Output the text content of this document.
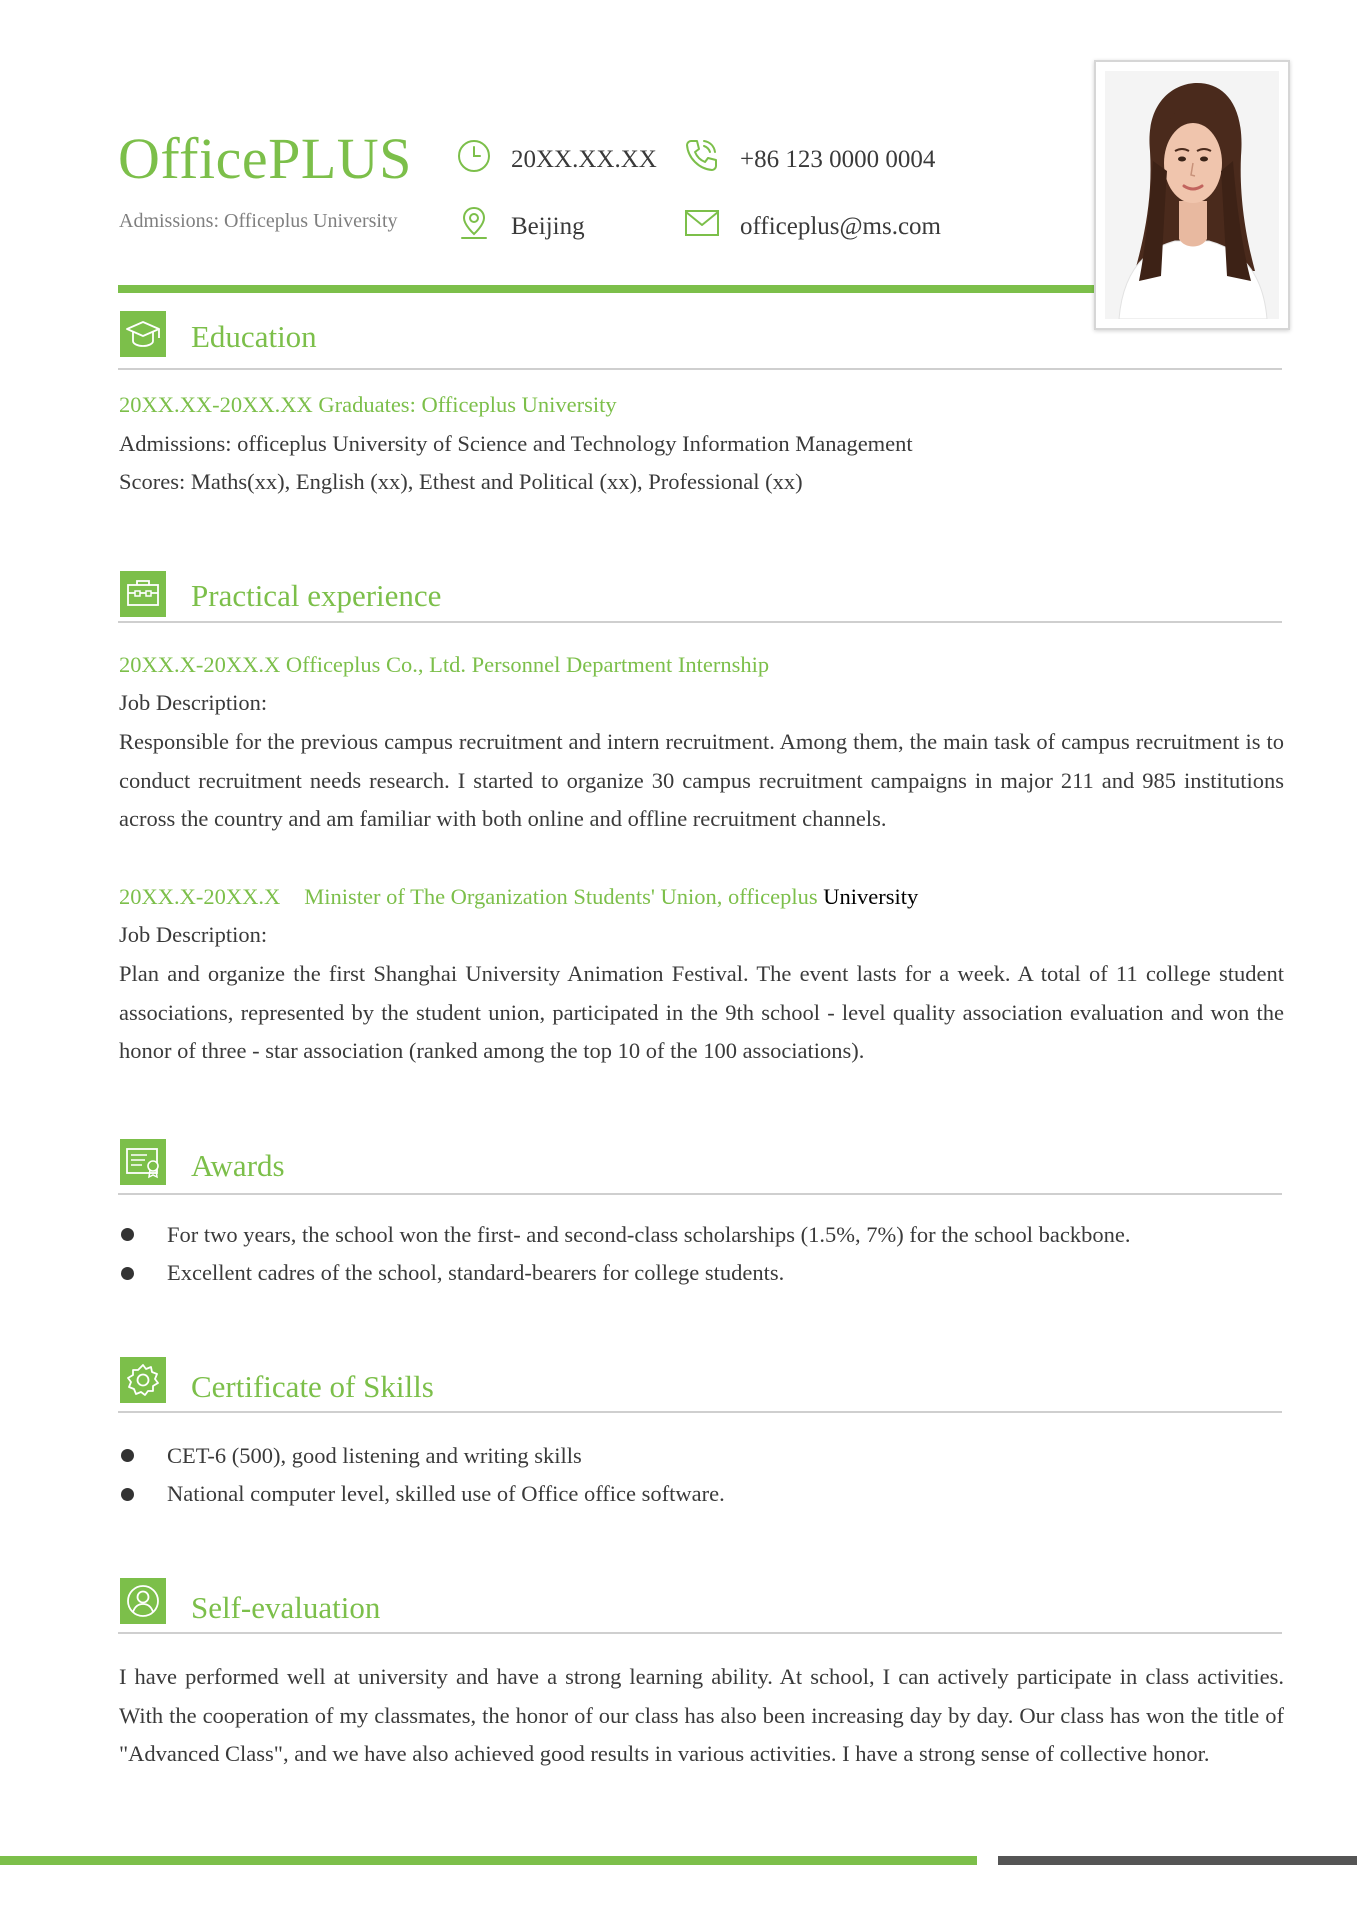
OfficePLUS
Admissions: Officeplus University
20XX.XX.XX	+86 123 0000 0004
Beijing	officeplus@ms.com
Education
20XX.XX-20XX.XX Graduates: Officeplus University
Admissions: officeplus University of Science and Technology Information Management
Scores: Maths(xx), English (xx), Ethest and Political (xx), Professional (xx)
Practical experience
20XX.X-20XX.X Officeplus Co., Ltd. Personnel Department Internship
Job Description:
Responsible for the previous campus recruitment and intern recruitment. Among them, the main task of campus recruitment is to conduct recruitment needs research. I started to organize 30 campus recruitment campaigns in major 211 and 985 institutions across the country and am familiar with both online and offline recruitment channels.
20XX.X-20XX.X Minister of The Organization Students' Union, officeplus University
Job Description:
Plan and organize the first Shanghai University Animation Festival. The event lasts for a week. A total of 11 college student associations, represented by the student union, participated in the 9th school - level quality association evaluation and won the honor of three - star association (ranked among the top 10 of the 100 associations).
Awards
For two years, the school won the first- and second-class scholarships (1.5%, 7%) for the school backbone.
Excellent cadres of the school, standard-bearers for college students.
Certificate of Skills
CET-6 (500), good listening and writing skills
National computer level, skilled use of Office office software.
Self-evaluation
I have performed well at university and have a strong learning ability. At school, I can actively participate in class activities. With the cooperation of my classmates, the honor of our class has also been increasing day by day. Our class has won the title of "Advanced Class", and we have also achieved good results in various activities. I have a strong sense of collective honor.
